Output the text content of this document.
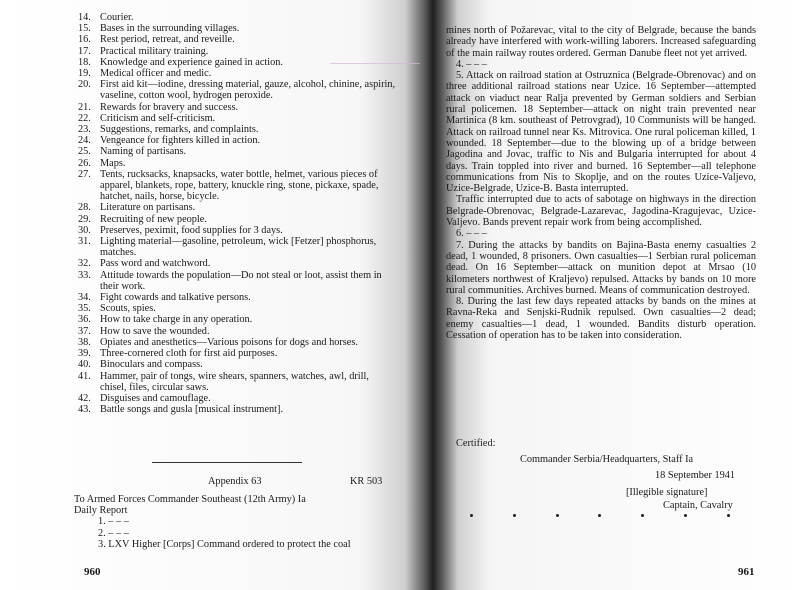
14. Courier.
15. Bases in the surrounding villages.
16. Rest period, retreat, and reveille.
17. Practical military training.
18. Knowledge and experience gained in action.
19. Medical officer and medic.
20. First aid kit—iodine, dressing material, gauze, alcohol, chinine, aspirin, vaseline, cotton wool, hydrogen peroxide.
21. Rewards for bravery and success.
22. Criticism and self-criticism.
23. Suggestions, remarks, and complaints.
24. Vengeance for fighters killed in action.
25. Naming of partisans.
26. Maps.
27. Tents, rucksacks, knapsacks, water bottle, helmet, various pieces of apparel, blankets, rope, battery, knuckle ring, stone, pickaxe, spade, hatchet, nails, horse, bicycle.
28. Literature on partisans.
29. Recruiting of new people.
30. Preserves, peximit, food supplies for 3 days.
31. Lighting material—gasoline, petroleum, wick [Fetzer] phosphorus, matches.
32. Pass word and watchword.
33. Attitude towards the population—Do not steal or loot, assist them in their work.
34. Fight cowards and talkative persons.
35. Scouts, spies.
36. How to take charge in any operation.
37. How to save the wounded.
38. Opiates and anesthetics—Various poisons for dogs and horses.
39. Three-cornered cloth for first aid purposes.
40. Binoculars and compass.
41. Hammer, pair of tongs, wire shears, spanners, watches, awl, drill, chisel, files, circular saws.
42. Disguises and camouflage.
43. Battle songs and gusla [musical instrument].
Appendix 63	KR 503
To Armed Forces Commander Southeast (12th Army) Ia
Daily Report
1. – – –
2. – – –
3. LXV Higher [Corps] Command ordered to protect the coal
960

mines north of Požarevac, vital to the city of Belgrade, because the bands already have interfered with work-willing laborers. Increased safeguarding of the main railway routes ordered. German Danube fleet not yet arrived.

4. – – –

5. Attack on railroad station at Ostruznica (Belgrade-Obrenovac) and on three additional railroad stations near Uzice. 16 September—attempted attack on viaduct near Ralja prevented by German soldiers and Serbian rural policemen. 18 September—attack on night train prevented near Martinica (8 km. southeast of Petrovgrad), 10 Communists will be hanged. Attack on railroad tunnel near Ks. Mitrovica. One rural policeman killed, 1 wounded. 18 September—due to the blowing up of a bridge between Jagodina and Jovac, traffic to Nis and Bulgaria interrupted for about 4 days. Train toppled into river and burned. 16 September—all telephone communications from Nis to Skoplje, and on the routes Uzice-Valjevo, Uzice-Belgrade, Uzice-B. Basta interrupted.

Traffic interrupted due to acts of sabotage on highways in the direction Belgrade-Obrenovac, Belgrade-Lazarevac, Jagodina-Kragujevac, Uzice-Valjevo. Bands prevent repair work from being accomplished.

6. – – –

7. During the attacks by bandits on Bajina-Basta enemy casualties 2 dead, 1 wounded, 8 prisoners. Own casualties—1 Serbian rural policeman dead. On 16 September—attack on munition depot at Mrsao (10 kilometers northwest of Kraljevo) repulsed. Attacks by bands on 10 more rural communities. Archives burned. Means of communication destroyed.

8. During the last few days repeated attacks by bands on the mines at Ravna-Reka and Senjski-Rudnik repulsed. Own casualties—2 dead; enemy casualties—1 dead, 1 wounded. Bandits disturb operation. Cessation of operation has to be taken into consideration.

Certified:
Commander Serbia/Headquarters, Staff Ia
18 September 1941
[Illegible signature]
Captain, Cavalry
961
